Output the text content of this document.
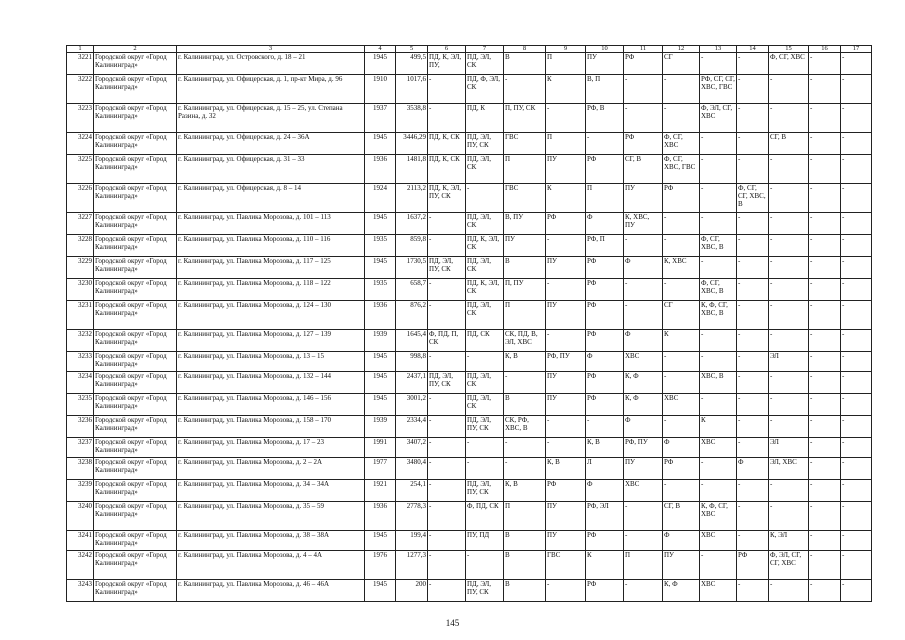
1	2	3	4	5	6	7	8	9	10	11	12	13	14	15	16	17
3221	Городской округ «Город Калининград»	г. Калининград, ул. Островского, д. 18 – 21	1945	499,5	ПД, К, ЭЛ, ПУ,	ПД, ЭЛ, СК	В	П	ПУ	РФ	СГ	-	-	Ф, СГ, ХВС	-	-
3222	Городской округ «Город Калининград»	г. Калининград, ул. Офицерская, д. 1, пр-кт Мира, д. 96	1910	1017,6	-	ПД, Ф, ЭЛ, СК	-	К	В, П	-	-	РФ, СГ, СГ, ХВС, ГВС	-	-	-	-
3223	Городской округ «Город Калининград»	г. Калининград, ул. Офицерская, д. 15 – 25, ул. Степана Разина, д. 32	1937	3538,8	-	ПД, К	П, ПУ, СК	-	РФ, В	-	-	Ф, ЭЛ, СГ, ХВС	-	-	-	-
3224	Городской округ «Город Калининград»	г. Калининград, ул. Офицерская, д. 24 – 36А	1945	3446,29	ПД, К, СК	ПД, ЭЛ, ПУ, СК	ГВС	П	-	РФ	Ф, СГ, ХВС	-	-	СГ, В	-	-
3225	Городской округ «Город Калининград»	г. Калининград, ул. Офицерская, д. 31 – 33	1936	1481,8	ПД, К, СК	ПД, ЭЛ, СК	П	ПУ	РФ	СГ, В	Ф, СГ, ХВС, ГВС	-	-	-	-	-
3226	Городской округ «Город Калининград»	г. Калининград, ул. Офицерская, д. 8 – 14	1924	2113,2	ПД, К, ЭЛ, ПУ, СК	-	ГВС	К	П	ПУ	РФ	-	Ф, СГ, СГ, ХВС, В	-	-	-
3227	Городской округ «Город Калининград»	г. Калининград, ул. Павлика Морозова, д. 101 – 113	1945	1637,2	-	ПД, ЭЛ, СК	В, ПУ	РФ	Ф	К, ХВС, ПУ	-	-	-	-	-	-
3228	Городской округ «Город Калининград»	г. Калининград, ул. Павлика Морозова, д. 110 – 116	1935	859,8	-	ПД, К, ЭЛ, СК	ПУ	-	РФ, П	-	-	Ф, СГ, ХВС, В	-	-	-	-
3229	Городской округ «Город Калининград»	г. Калининград, ул. Павлика Морозова, д. 117 – 125	1945	1730,5	ПД, ЭЛ, ПУ, СК	ПД, ЭЛ, СК	В	ПУ	РФ	Ф	К, ХВС	-	-	-	-	-
3230	Городской округ «Город Калининград»	г. Калининград, ул. Павлика Морозова, д. 118 – 122	1935	658,7	-	ПД, К, ЭЛ, СК	П, ПУ	-	РФ	-	-	Ф, СГ, ХВС, В	-	-	-	-
3231	Городской округ «Город Калининград»	г. Калининград, ул. Павлика Морозова, д. 124 – 130	1936	876,2	-	ПД, ЭЛ, СК	П	ПУ	РФ	-	СГ	К, Ф, СГ, ХВС, В	-	-	-	-
3232	Городской округ «Город Калининград»	г. Калининград, ул. Павлика Морозова, д. 127 – 139	1939	1645,4	Ф, ПД, П, СК	ПД, СК	СК, ПД, В, ЭЛ, ХВС	-	РФ	Ф	К	-	-	-	-	-
3233	Городской округ «Город Калининград»	г. Калининград, ул. Павлика Морозова, д. 13 – 15	1945	998,8	-	-	К, В	РФ, ПУ	Ф	ХВС	-	-	-	ЭЛ	-	-
3234	Городской округ «Город Калининград»	г. Калининград, ул. Павлика Морозова, д. 132 – 144	1945	2437,1	ПД, ЭЛ, ПУ, СК	ПД, ЭЛ, СК	-	ПУ	РФ	К, Ф	-	ХВС, В	-	-	-	-
3235	Городской округ «Город Калининград»	г. Калининград, ул. Павлика Морозова, д. 146 – 156	1945	3001,2	-	ПД, ЭЛ, СК	В	ПУ	РФ	К, Ф	ХВС	-	-	-	-	-
3236	Городской округ «Город Калининград»	г. Калининград, ул. Павлика Морозова, д. 158 – 170	1939	2334,4	-	ПД, ЭЛ, ПУ, СК	СК, РФ, ХВС, В	-	-	Ф	-	К	-	-	-	-
3237	Городской округ «Город Калининград»	г. Калининград, ул. Павлика Морозова, д. 17 – 23	1991	3407,2	-	-	-	-	К, В	РФ, ПУ	Ф	ХВС	-	ЭЛ	-	-
3238	Городской округ «Город Калининград»	г. Калининград, ул. Павлика Морозова, д. 2 – 2А	1977	3480,4	-	-	-	К, В	Л	ПУ	РФ	-	Ф	ЭЛ, ХВС	-	-
3239	Городской округ «Город Калининград»	г. Калининград, ул. Павлика Морозова, д. 34 – 34А	1921	254,1	-	ПД, ЭЛ, ПУ, СК	К, В	РФ	Ф	ХВС	-	-	-	-	-	-
3240	Городской округ «Город Калининград»	г. Калининград, ул. Павлика Морозова, д. 35 – 59	1936	2778,3	-	Ф, ПД, СК	П	ПУ	РФ, ЭЛ	-	СГ, В	К, Ф, СГ, ХВС	-	-	-	-
3241	Городской округ «Город Калининград»	г. Калининград, ул. Павлика Морозова, д. 38 – 38А	1945	199,4	-	ПУ, ПД	В	ПУ	РФ	-	Ф	ХВС	-	К, ЭЛ	-	-
3242	Городской округ «Город Калининград»	г. Калининград, ул. Павлика Морозова, д. 4 – 4А	1976	1277,3	-	-	В	ГВС	К	П	ПУ	-	РФ	Ф, ЭЛ, СГ, СГ, ХВС	-	-
3243	Городской округ «Город Калининград»	г. Калининград, ул. Павлика Морозова, д. 46 – 46А	1945	200	-	ПД, ЭЛ, ПУ, СК	В	-	РФ	-	К, Ф	ХВС	-	-	-	-
145
